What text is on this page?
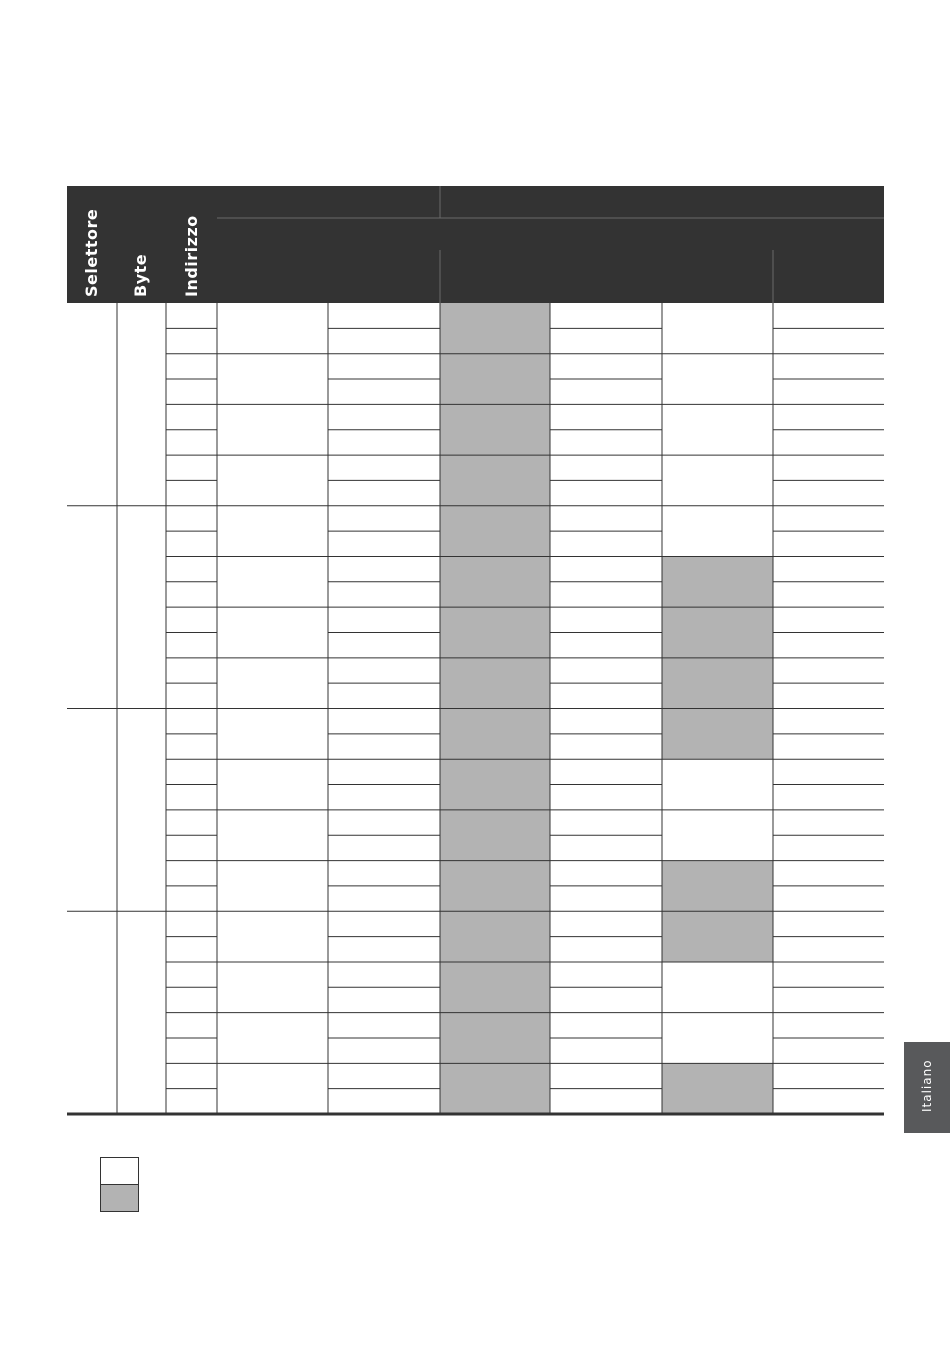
Selettore Byte Indirizzo
Italiano
